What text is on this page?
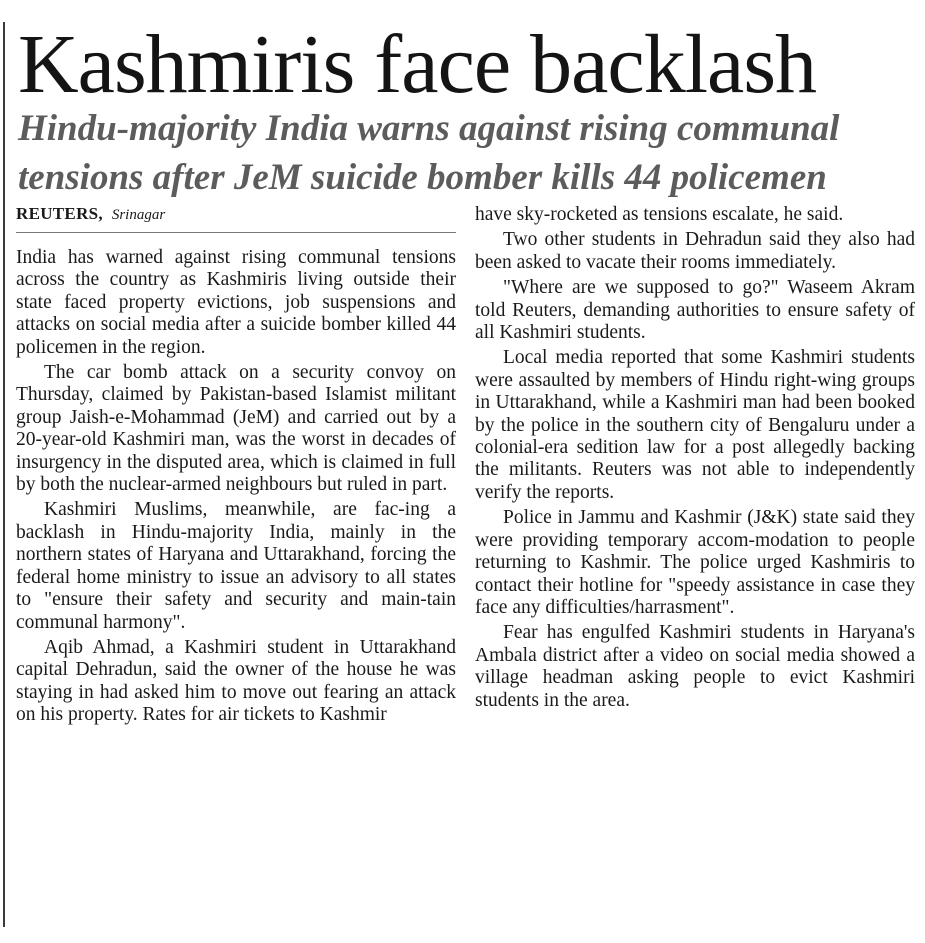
Kashmiris face backlash
Hindu-majority India warns against rising communal tensions after JeM suicide bomber kills 44 policemen
REUTERS, Srinagar

India has warned against rising communal tensions across the country as Kashmiris living outside their state faced property evictions, job suspensions and attacks on social media after a suicide bomber killed 44 policemen in the region.

The car bomb attack on a security convoy on Thursday, claimed by Pakistan-based Islamist militant group Jaish-e-Mohammad (JeM) and carried out by a 20-year-old Kashmiri man, was the worst in decades of insurgency in the disputed area, which is claimed in full by both the nuclear-armed neighbours but ruled in part.

Kashmiri Muslims, meanwhile, are fac-ing a backlash in Hindu-majority India, mainly in the northern states of Haryana and Uttarakhand, forcing the federal home ministry to issue an advisory to all states to "ensure their safety and security and main-tain communal harmony".

Aqib Ahmad, a Kashmiri student in Uttarakhand capital Dehradun, said the owner of the house he was staying in had asked him to move out fearing an attack on his property. Rates for air tickets to Kashmir

have sky-rocketed as tensions escalate, he said.

Two other students in Dehradun said they also had been asked to vacate their rooms immediately.

"Where are we supposed to go?" Waseem Akram told Reuters, demanding authorities to ensure safety of all Kashmiri students.

Local media reported that some Kashmiri students were assaulted by members of Hindu right-wing groups in Uttarakhand, while a Kashmiri man had been booked by the police in the southern city of Bengaluru under a colonial-era sedition law for a post allegedly backing the militants. Reuters was not able to independently verify the reports.

Police in Jammu and Kashmir (J&K) state said they were providing temporary accom-modation to people returning to Kashmir. The police urged Kashmiris to contact their hotline for "speedy assistance in case they face any difficulties/harrasment".

Fear has engulfed Kashmiri students in Haryana's Ambala district after a video on social media showed a village headman asking people to evict Kashmiri students in the area.
